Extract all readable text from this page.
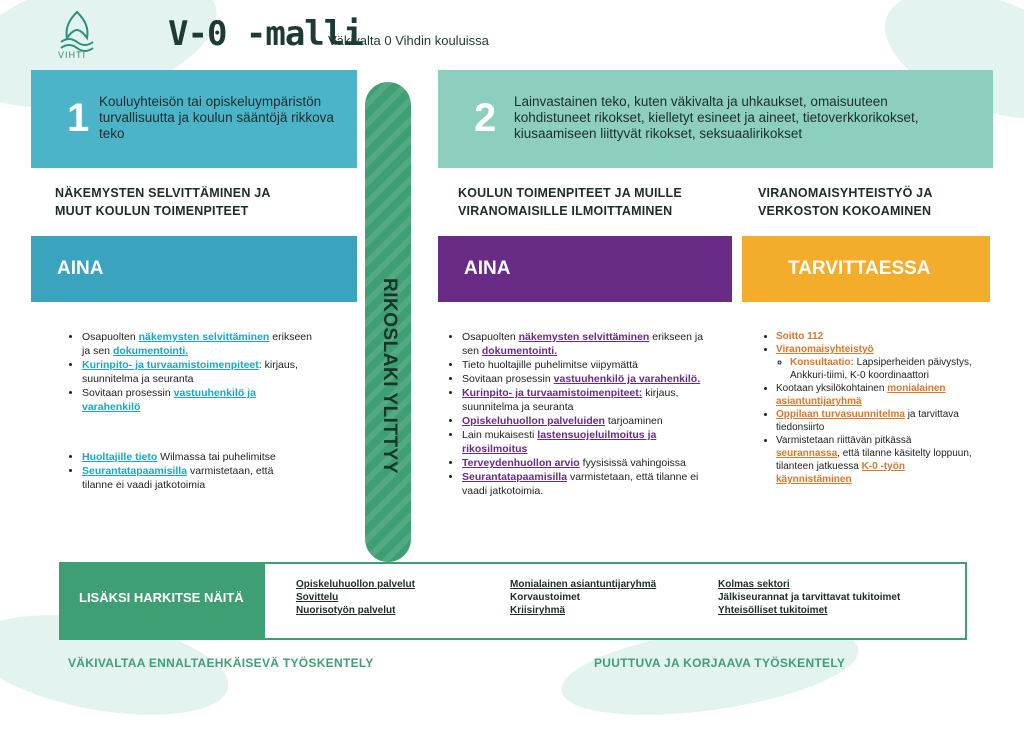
VIHTI
V-0 -malli
Väkivalta 0 Vihdin kouluissa
1 Kouluyhteisön tai opiskeluympäristön turvallisuutta ja koulun sääntöjä rikkova teko	2 Lainvastainen teko, kuten väkivalta ja uhkaukset, omaisuuteen kohdistuneet rikokset, kielletyt esineet ja aineet, tietoverkkorikokset, kiusaamiseen liittyvät rikokset, seksuaalirikokset
NÄKEMYSTEN SELVITTÄMINEN JA MUUT KOULUN TOIMENPITEET
KOULUN TOIMENPITEET JA MUILLE VIRANOMAISILLE ILMOITTAMINEN
VIRANOMAISYHTEISTYÖ JA VERKOSTON KOKOAMINEN
AINA	AINA	TARVITTAESSA
RIKOSLAKI YLITTYY
• Osapuolten näkemysten selvittäminen erikseen ja sen dokumentointi.
• Kurinpito- ja turvaamistoimenpiteet: kirjaus, suunnitelma ja seuranta
• Sovitaan prosessin vastuuhenkilö ja varahenkilö
• Huoltajille tieto Wilmassa tai puhelimitse
• Seurantatapaamisilla varmistetaan, että tilanne ei vaadi jatkotoimia
• Osapuolten näkemysten selvittäminen erikseen ja sen dokumentointi.
• Tieto huoltajille puhelimitse viipymättä
• Sovitaan prosessin vastuuhenkilö ja varahenkilö.
• Kurinpito- ja turvaamistoimenpiteet: kirjaus, suunnitelma ja seuranta
• Opiskeluhuollon palveluiden tarjoaminen
• Lain mukaisesti lastensuojeluilmoitus ja rikosilmoitus
• Terveydenhuollon arvio fyysisissä vahingoissa
• Seurantatapaamisilla varmistetaan, että tilanne ei vaadi jatkotoimia.
• Soitto 112
• Viranomaisyhteistyö
◦ Konsultaatio: Lapsiperheiden päivystys, Ankkuri-tiimi, K-0 koordinaattori
• Kootaan yksilökohtainen monialainen asiantuntijaryhmä
• Oppilaan turvasuunnitelma ja tarvittava tiedonsiirto
• Varmistetaan riittävän pitkässä seurannassa, että tilanne käsitelty loppuun, tilanteen jatkuessa K-0 -työn käynnistäminen
LISÄKSI HARKITSE NÄITÄ
Opiskeluhuollon palvelut
Sovittelu
Nuorisotyön palvelut
Monialainen asiantuntijaryhmä
Korvaustoimet
Kriisiryhmä
Kolmas sektori
Jälkiseurannat ja tarvittavat tukitoimet
Yhteisölliset tukitoimet
VÄKIVALTAA ENNALTAEHKÄISEVÄ TYÖSKENTELY	PUUTTUVA JA KORJAAVA TYÖSKENTELY
